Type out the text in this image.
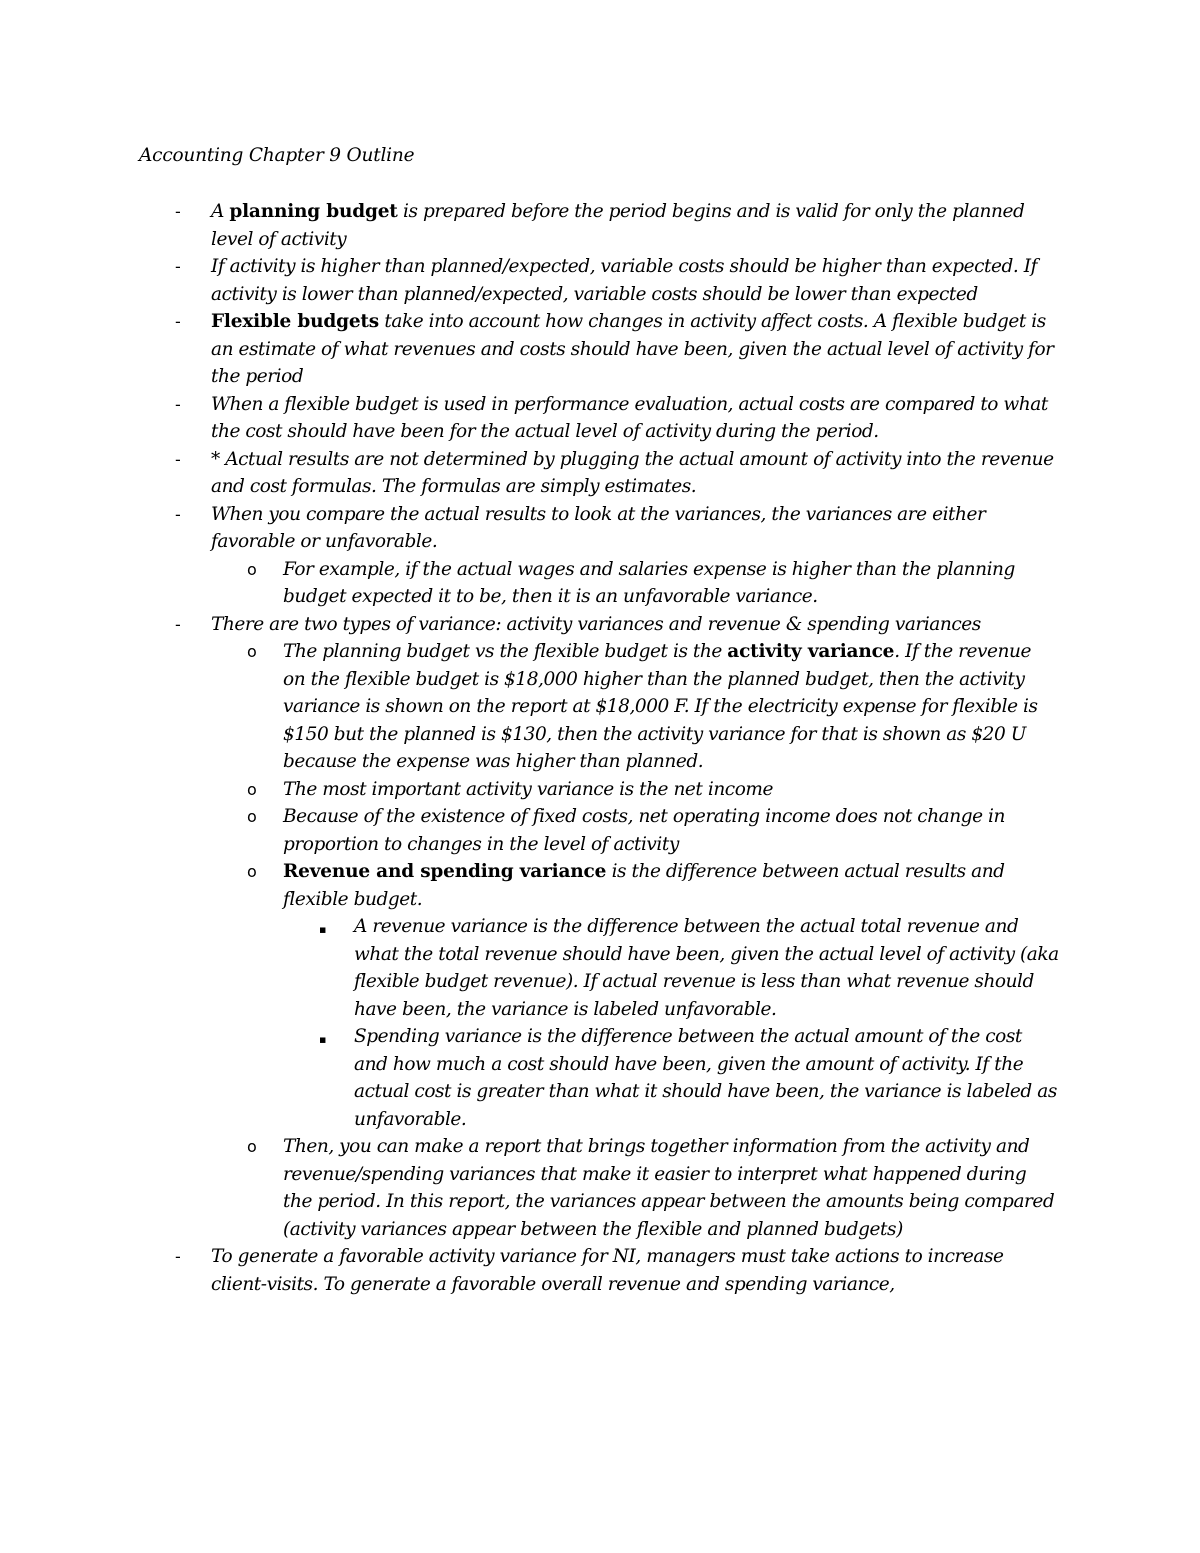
Accounting Chapter 9 Outline
- A planning budget is prepared before the period begins and is valid for only the planned level of activity
- If activity is higher than planned/expected, variable costs should be higher than expected. If activity is lower than planned/expected, variable costs should be lower than expected
- Flexible budgets take into account how changes in activity affect costs. A flexible budget is an estimate of what revenues and costs should have been, given the actual level of activity for the period
- When a flexible budget is used in performance evaluation, actual costs are compared to what the cost should have been for the actual level of activity during the period.
- * Actual results are not determined by plugging the actual amount of activity into the revenue and cost formulas. The formulas are simply estimates.
- When you compare the actual results to look at the variances, the variances are either favorable or unfavorable.
o For example, if the actual wages and salaries expense is higher than the planning budget expected it to be, then it is an unfavorable variance.
- There are two types of variance: activity variances and revenue & spending variances
o The planning budget vs the flexible budget is the activity variance. If the revenue on the flexible budget is $18,000 higher than the planned budget, then the activity variance is shown on the report at $18,000 F. If the electricity expense for flexible is $150 but the planned is $130, then the activity variance for that is shown as $20 U because the expense was higher than planned.
o The most important activity variance is the net income
o Because of the existence of fixed costs, net operating income does not change in proportion to changes in the level of activity
o Revenue and spending variance is the difference between actual results and flexible budget.
▪ A revenue variance is the difference between the actual total revenue and what the total revenue should have been, given the actual level of activity (aka flexible budget revenue). If actual revenue is less than what revenue should have been, the variance is labeled unfavorable.
▪ Spending variance is the difference between the actual amount of the cost and how much a cost should have been, given the amount of activity. If the actual cost is greater than what it should have been, the variance is labeled as unfavorable.
o Then, you can make a report that brings together information from the activity and revenue/spending variances that make it easier to interpret what happened during the period. In this report, the variances appear between the amounts being compared (activity variances appear between the flexible and planned budgets)
- To generate a favorable activity variance for NI, managers must take actions to increase client-visits. To generate a favorable overall revenue and spending variance,
